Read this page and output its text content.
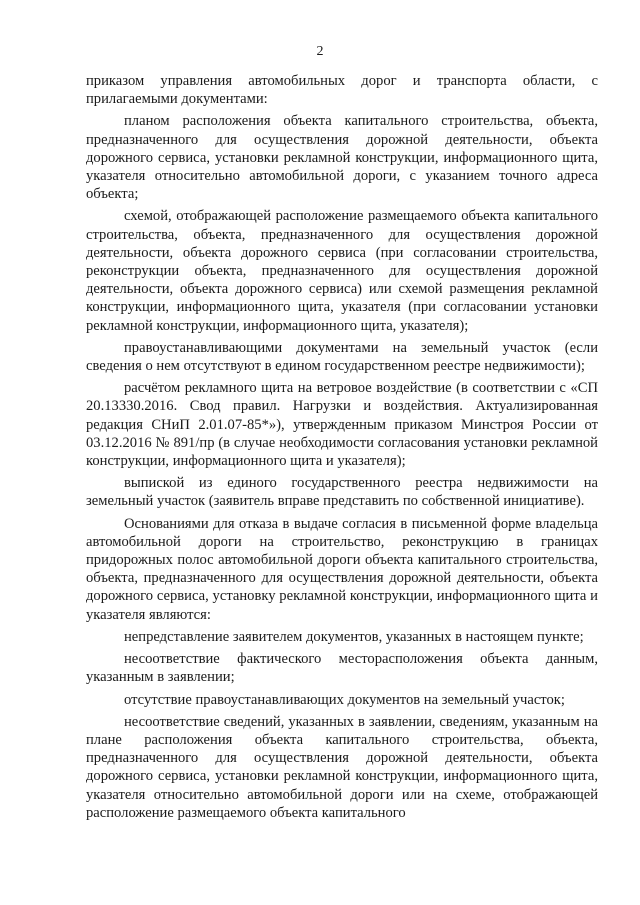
2

приказом управления автомобильных дорог и транспорта области, с прилагаемыми документами:

планом расположения объекта капитального строительства, объекта, предназначенного для осуществления дорожной деятельности, объекта дорожного сервиса, установки рекламной конструкции, информационного щита, указателя относительно автомобильной дороги, с указанием точного адреса объекта;

схемой, отображающей расположение размещаемого объекта капитального строительства, объекта, предназначенного для осуществления дорожной деятельности, объекта дорожного сервиса (при согласовании строительства, реконструкции объекта, предназначенного для осуществления дорожной деятельности, объекта дорожного сервиса) или схемой размещения рекламной конструкции, информационного щита, указателя (при согласовании установки рекламной конструкции, информационного щита, указателя);

правоустанавливающими документами на земельный участок (если сведения о нем отсутствуют в едином государственном реестре недвижимости);

расчётом рекламного щита на ветровое воздействие (в соответствии с «СП 20.13330.2016. Свод правил. Нагрузки и воздействия. Актуализированная редакция СНиП 2.01.07-85*»), утвержденным приказом Минстроя России от 03.12.2016 № 891/пр (в случае необходимости согласования установки рекламной конструкции, информационного щита и указателя);

выпиской из единого государственного реестра недвижимости на земельный участок (заявитель вправе представить по собственной инициативе).

Основаниями для отказа в выдаче согласия в письменной форме владельца автомобильной дороги на строительство, реконструкцию в границах придорожных полос автомобильной дороги объекта капитального строительства, объекта, предназначенного для осуществления дорожной деятельности, объекта дорожного сервиса, установку рекламной конструкции, информационного щита и указателя являются:

непредставление заявителем документов, указанных в настоящем пункте;

несоответствие фактического месторасположения объекта данным, указанным в заявлении;

отсутствие правоустанавливающих документов на земельный участок;

несоответствие сведений, указанных в заявлении, сведениям, указанным на плане расположения объекта капитального строительства, объекта, предназначенного для осуществления дорожной деятельности, объекта дорожного сервиса, установки рекламной конструкции, информационного щита, указателя относительно автомобильной дороги или на схеме, отображающей расположение размещаемого объекта капитального
